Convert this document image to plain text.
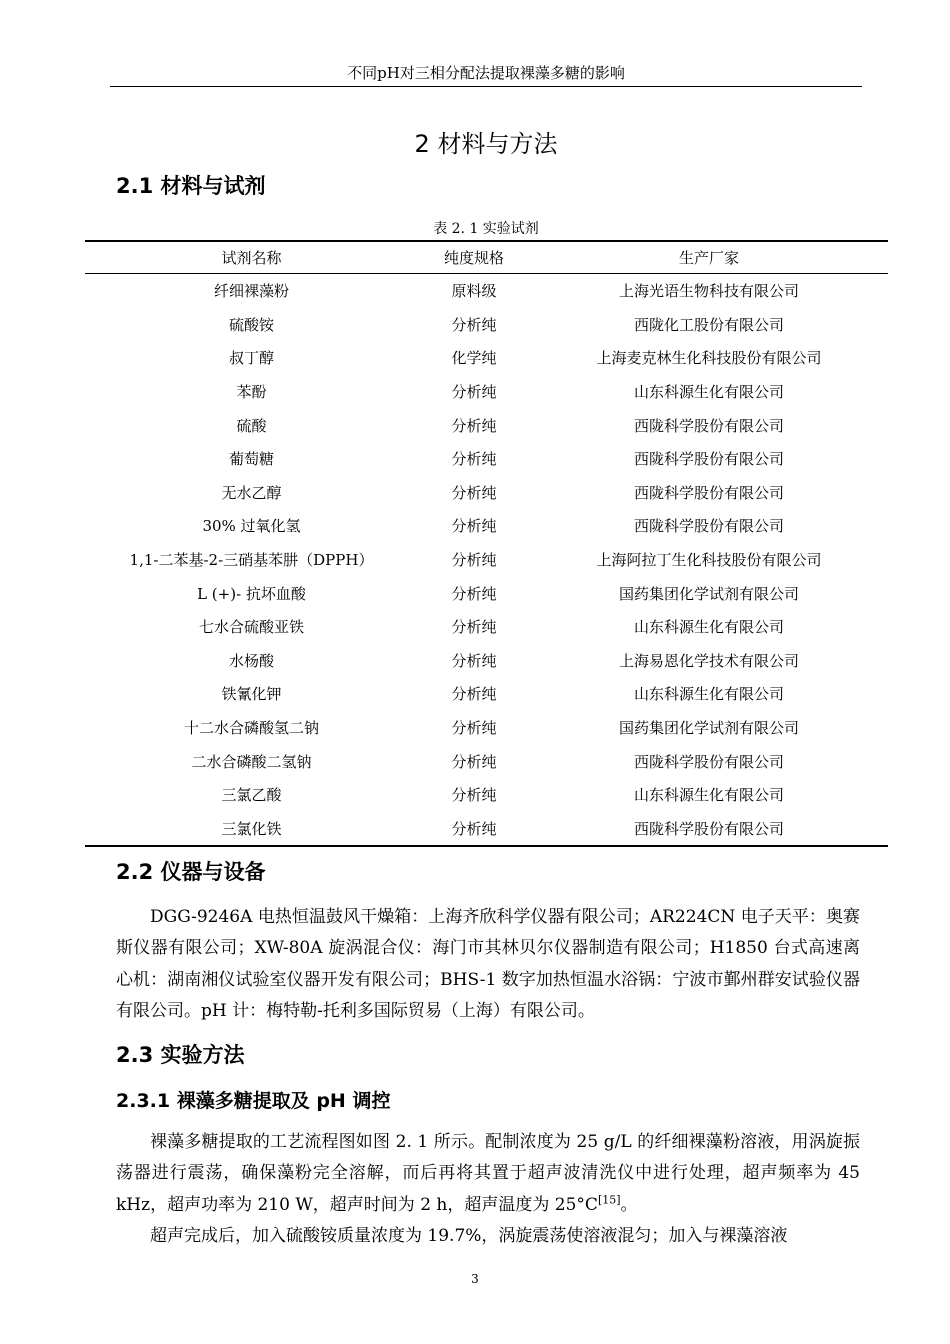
不同pH对三相分配法提取裸藻多糖的影响
2 材料与方法
2.1 材料与试剂
表 2. 1 实验试剂
试剂名称	纯度规格	生产厂家
纤细裸藻粉	原料级	上海光语生物科技有限公司
硫酸铵	分析纯	西陇化工股份有限公司
叔丁醇	化学纯	上海麦克林生化科技股份有限公司
苯酚	分析纯	山东科源生化有限公司
硫酸	分析纯	西陇科学股份有限公司
葡萄糖	分析纯	西陇科学股份有限公司
无水乙醇	分析纯	西陇科学股份有限公司
30% 过氧化氢	分析纯	西陇科学股份有限公司
1,1-二苯基-2-三硝基苯肼（DPPH）	分析纯	上海阿拉丁生化科技股份有限公司
L (+)- 抗坏血酸	分析纯	国药集团化学试剂有限公司
七水合硫酸亚铁	分析纯	山东科源生化有限公司
水杨酸	分析纯	上海易恩化学技术有限公司
铁氰化钾	分析纯	山东科源生化有限公司
十二水合磷酸氢二钠	分析纯	国药集团化学试剂有限公司
二水合磷酸二氢钠	分析纯	西陇科学股份有限公司
三氯乙酸	分析纯	山东科源生化有限公司
三氯化铁	分析纯	西陇科学股份有限公司
2.2 仪器与设备

DGG-9246A 电热恒温鼓风干燥箱：上海齐欣科学仪器有限公司；AR224CN 电子天平：奥赛斯仪器有限公司；XW-80A 旋涡混合仪：海门市其林贝尔仪器制造有限公司；H1850 台式高速离心机：湖南湘仪试验室仪器开发有限公司；BHS-1 数字加热恒温水浴锅：宁波市鄞州群安试验仪器有限公司。pH 计：梅特勒-托利多国际贸易（上海）有限公司。

2.3 实验方法
2.3.1 裸藻多糖提取及 pH 调控

裸藻多糖提取的工艺流程图如图 2. 1 所示。配制浓度为 25 g/L 的纤细裸藻粉溶液，用涡旋振荡器进行震荡，确保藻粉完全溶解，而后再将其置于超声波清洗仪中进行处理，超声频率为 45 kHz，超声功率为 210 W，超声时间为 2 h，超声温度为 25°C[15]。

超声完成后，加入硫酸铵质量浓度为 19.7%，涡旋震荡使溶液混匀；加入与裸藻溶液

3
